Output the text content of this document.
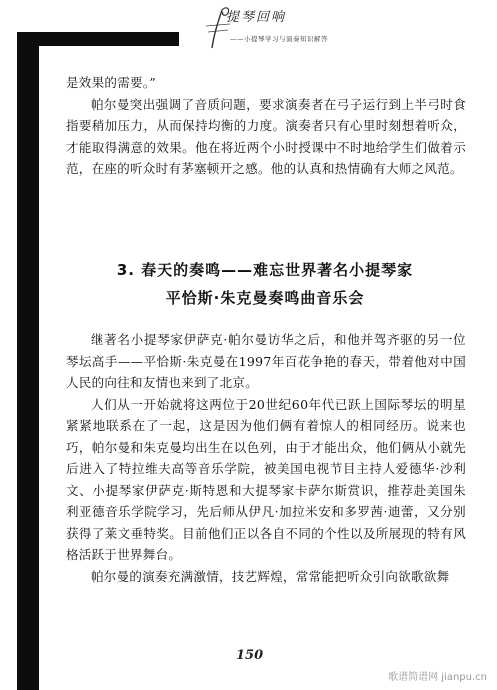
提琴回响
——小提琴学习与演奏知识解答

是效果的需要。”

帕尔曼突出强调了音质问题，要求演奏者在弓子运行到上半弓时食指要稍加压力，从而保持均衡的力度。演奏者只有心里时刻想着听众，才能取得满意的效果。他在将近两个小时授课中不时地给学生们做着示范，在座的听众时有茅塞顿开之感。他的认真和热情确有大师之风范。

3. 春天的奏鸣——难忘世界著名小提琴家
平恰斯·朱克曼奏鸣曲音乐会

继著名小提琴家伊萨克·帕尔曼访华之后，和他并驾齐驱的另一位琴坛高手——平恰斯·朱克曼在1997年百花争艳的春天，带着他对中国人民的向往和友情也来到了北京。

人们从一开始就将这两位于20世纪60年代已跃上国际琴坛的明星紧紧地联系在了一起，这是因为他们俩有着惊人的相同经历。说来也巧，帕尔曼和朱克曼均出生在以色列，由于才能出众，他们俩从小就先后进入了特拉维夫高等音乐学院，被美国电视节目主持人爱德华·沙利文、小提琴家伊萨克·斯特恩和大提琴家卡萨尔斯赏识，推荐赴美国朱利亚德音乐学院学习，先后师从伊凡·加拉米安和多罗茜·迪蕾，又分别获得了莱文垂特奖。目前他们正以各自不同的个性以及所展现的特有风格活跃于世界舞台。

帕尔曼的演奏充满激情，技艺辉煌，常常能把听众引向欲歌欲舞

150
歌谱简谱网 jianpu.cn
